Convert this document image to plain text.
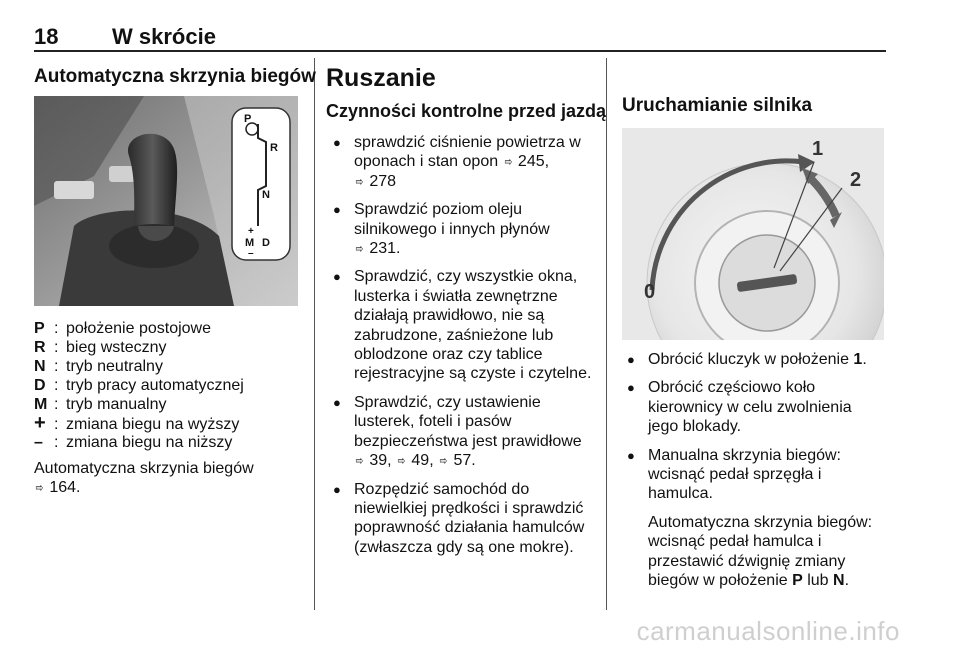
18 W skrócie
Automatyczna skrzynia biegów
P
R
N
+
M D
–
P : położenie postojowe
R : bieg wsteczny
N : tryb neutralny
D : tryb pracy automatycznej
M : tryb manualny
+ : zmiana biegu na wyższy
– : zmiana biegu na niższy
Automatyczna skrzynia biegów
⇨ 164.
Ruszanie
Czynności kontrolne przed jazdą
● sprawdzić ciśnienie powietrza w
oponach i stan opon ⇨ 245,
⇨ 278
● Sprawdzić poziom oleju
silnikowego i innych płynów
⇨ 231.
● Sprawdzić, czy wszystkie okna, lusterka i światła zewnętrzne działają prawidłowo, nie są zabrudzone, zaśnieżone lub oblodzone oraz czy tablice rejestracyjne są czyste i czytelne.
● Sprawdzić, czy ustawienie
lusterek, foteli i pasów
bezpieczeństwa jest prawidłowe
⇨ 39, ⇨ 49, ⇨ 57.
● Rozpędzić samochód do niewielkiej prędkości i sprawdzić poprawność działania hamulców (zwłaszcza gdy są one mokre).
Uruchamianie silnika
0
1
2
● Obrócić kluczyk w położenie 1.
● Obrócić częściowo koło kierownicy w celu zwolnienia jego blokady.
● Manualna skrzynia biegów: wcisnąć pedał sprzęgła i hamulca.
Automatyczna skrzynia biegów: wcisnąć pedał hamulca i przestawić dźwignię zmiany biegów w położenie P lub N.
carmanualsonline.info
